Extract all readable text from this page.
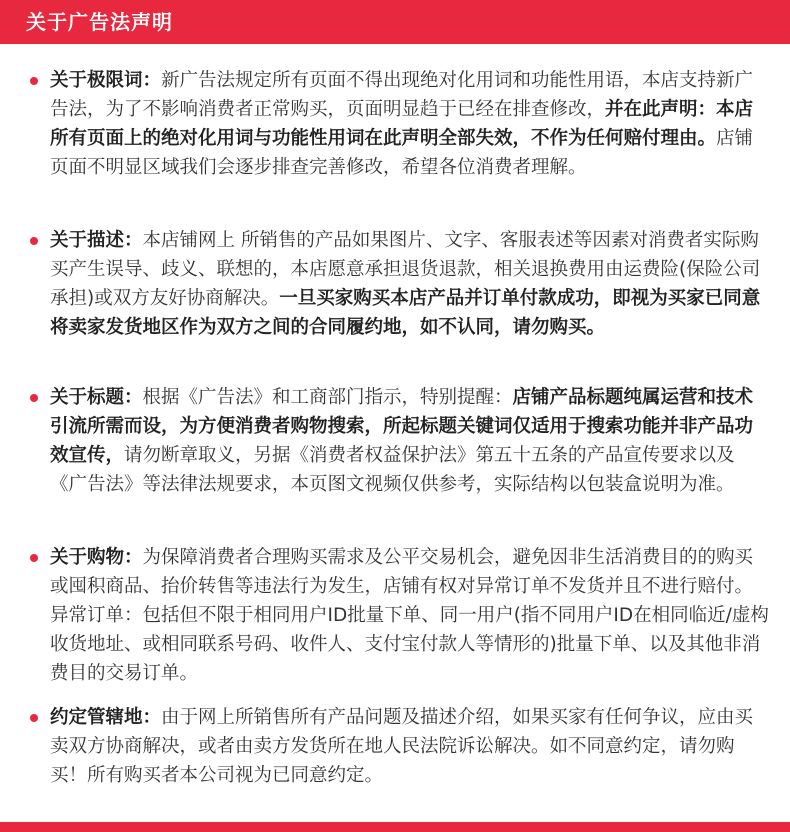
关于广告法声明
关于极限词：新广告法规定所有页面不得出现绝对化用词和功能性用语，本店支持新广告法，为了不影响消费者正常购买，页面明显趋于已经在排查修改，并在此声明：本店所有页面上的绝对化用词与功能性用词在此声明全部失效，不作为任何赔付理由。店铺页面不明显区域我们会逐步排查完善修改，希望各位消费者理解。
关于描述：本店铺网上 所销售的产品如果图片、文字、客服表述等因素对消费者实际购买产生误导、歧义、联想的，本店愿意承担退货退款，相关退换费用由运费险(保险公司承担)或双方友好协商解决。一旦买家购买本店产品并订单付款成功，即视为买家已同意将卖家发货地区作为双方之间的合同履约地，如不认同，请勿购买。
关于标题：根据《广告法》和工商部门指示，特别提醒：店铺产品标题纯属运营和技术引流所需而设，为方便消费者购物搜索，所起标题关键词仅适用于搜索功能并非产品功效宣传，请勿断章取义，另据《消费者权益保护法》第五十五条的产品宣传要求以及《广告法》等法律法规要求，本页图文视频仅供参考，实际结构以包装盒说明为准。
关于购物：为保障消费者合理购买需求及公平交易机会，避免因非生活消费目的的购买或囤积商品、抬价转售等违法行为发生，店铺有权对异常订单不发货并且不进行赔付。异常订单：包括但不限于相同用户ID批量下单、同一用户(指不同用户ID在相同临近/虚构收货地址、或相同联系号码、收件人、支付宝付款人等情形的)批量下单、以及其他非消费目的交易订单。
约定管辖地：由于网上所销售所有产品问题及描述介绍，如果买家有任何争议，应由买卖双方协商解决，或者由卖方发货所在地人民法院诉讼解决。如不同意约定，请勿购买！所有购买者本公司视为已同意约定。
